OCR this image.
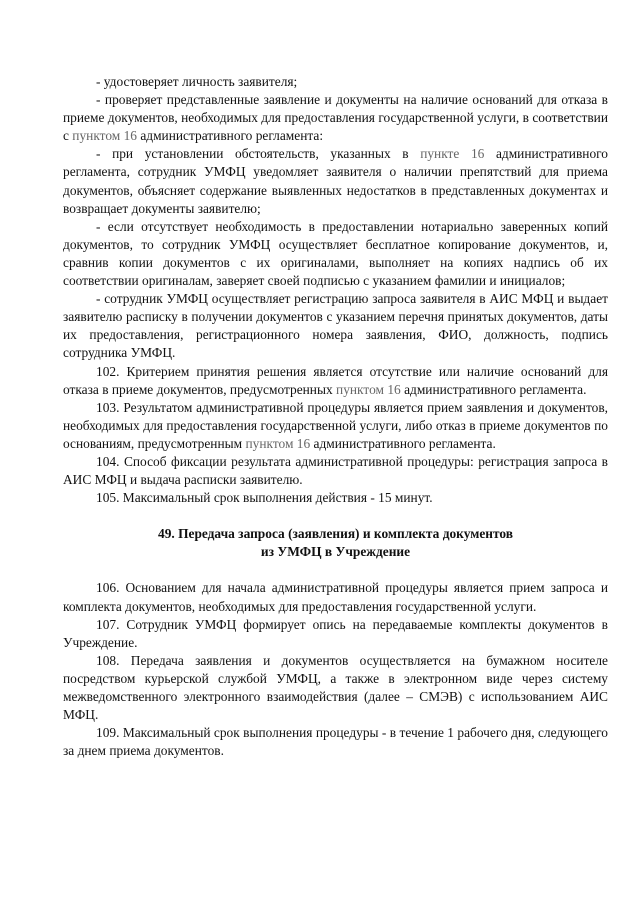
- удостоверяет личность заявителя;

- проверяет представленные заявление и документы на наличие оснований для отказа в приеме документов, необходимых для предоставления государственной услуги, в соответствии с пунктом 16 административного регламента:

- при установлении обстоятельств, указанных в пункте 16 административного регламента, сотрудник УМФЦ уведомляет заявителя о наличии препятствий для приема документов, объясняет содержание выявленных недостатков в представленных документах и возвращает документы заявителю;

- если отсутствует необходимость в предоставлении нотариально заверенных копий документов, то сотрудник УМФЦ осуществляет бесплатное копирование документов, и, сравнив копии документов с их оригиналами, выполняет на копиях надпись об их соответствии оригиналам, заверяет своей подписью с указанием фамилии и инициалов;

- сотрудник УМФЦ осуществляет регистрацию запроса заявителя в АИС МФЦ и выдает заявителю расписку в получении документов с указанием перечня принятых документов, даты их предоставления, регистрационного номера заявления, ФИО, должность, подпись сотрудника УМФЦ.

102. Критерием принятия решения является отсутствие или наличие оснований для отказа в приеме документов, предусмотренных пунктом 16 административного регламента.

103. Результатом административной процедуры является прием заявления и документов, необходимых для предоставления государственной услуги, либо отказ в приеме документов по основаниям, предусмотренным пунктом 16 административного регламента.

104. Способ фиксации результата административной процедуры: регистрация запроса в АИС МФЦ и выдача расписки заявителю.

105. Максимальный срок выполнения действия - 15 минут.

49. Передача запроса (заявления) и комплекта документов
из УМФЦ в Учреждение

106. Основанием для начала административной процедуры является прием запроса и комплекта документов, необходимых для предоставления государственной услуги.

107. Сотрудник УМФЦ формирует опись на передаваемые комплекты документов в Учреждение.

108. Передача заявления и документов осуществляется на бумажном носителе посредством курьерской службой УМФЦ, а также в электронном виде через систему межведомственного электронного взаимодействия (далее – СМЭВ) с использованием АИС МФЦ.

109. Максимальный срок выполнения процедуры - в течение 1 рабочего дня, следующего за днем приема документов.
